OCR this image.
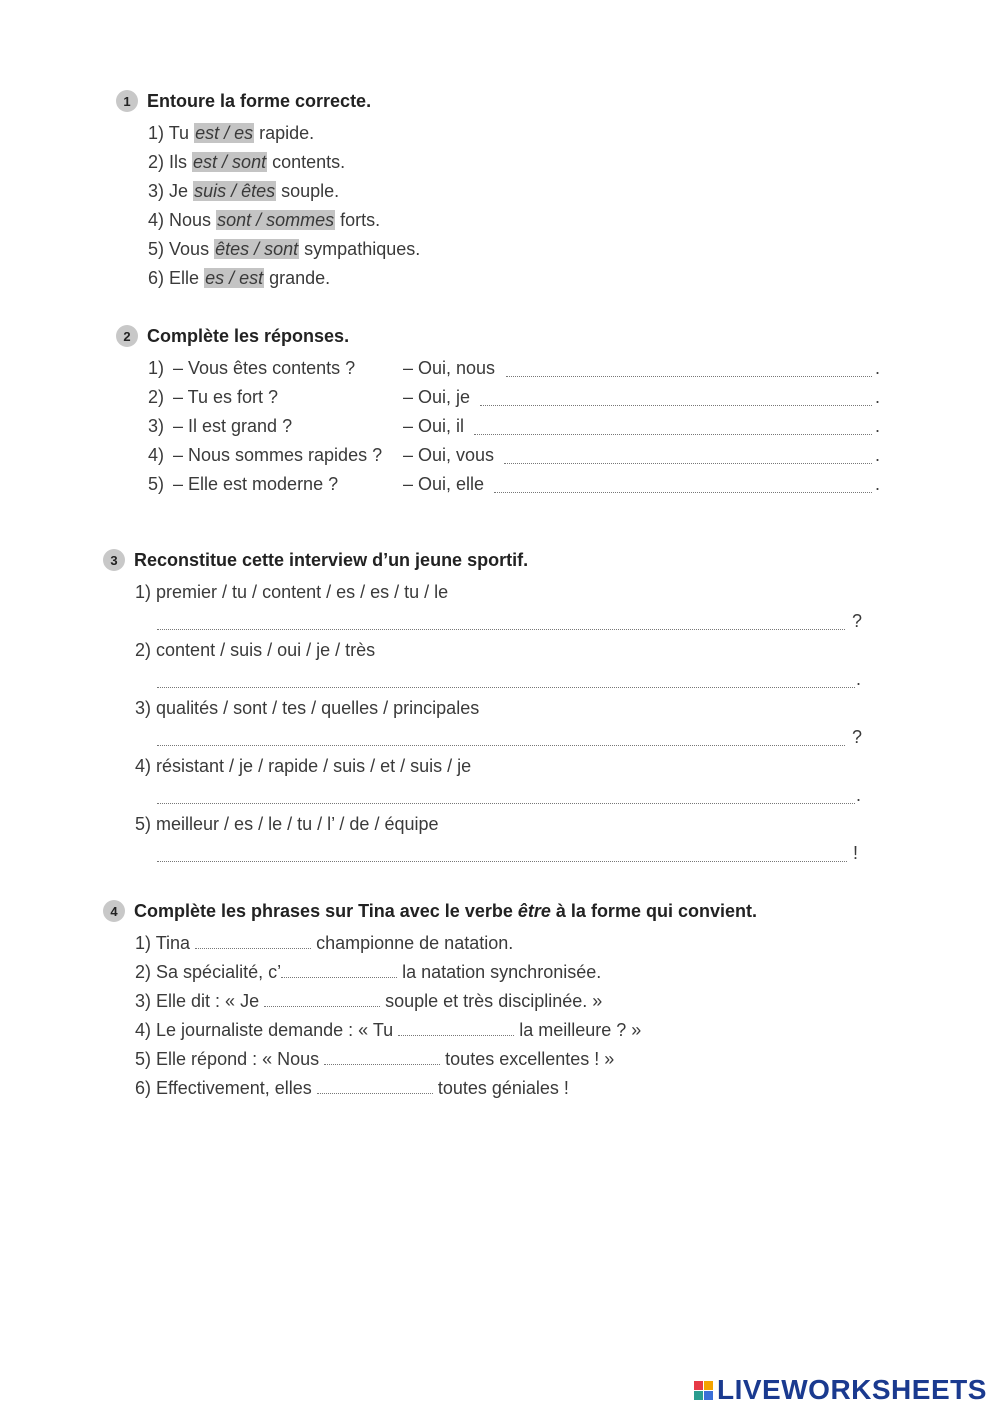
1 Entoure la forme correcte.
1) Tu est / es rapide.
2) Ils est / sont contents.
3) Je suis / êtes souple.
4) Nous sont / sommes forts.
5) Vous êtes / sont sympathiques.
6) Elle es / est grande.
2 Complète les réponses.
1) – Vous êtes contents ?	– Oui, nous	.
2) – Tu es fort ?	– Oui, je	.
3) – Il est grand ?	– Oui, il	.
4) – Nous sommes rapides ? – Oui, vous	.
5) – Elle est moderne ?	– Oui, elle	.
3 Reconstitue cette interview d’un jeune sportif.
1) premier / tu / content / es / es / tu / le
?
2) content / suis / oui / je / très
.
3) qualités / sont / tes / quelles / principales
?
4) résistant / je / rapide / suis / et / suis / je
.
5) meilleur / es / le / tu / l’ / de / équipe
!
4 Complète les phrases sur Tina avec le verbe être à la forme qui convient.
1) Tina	championne de natation.
2) Sa spécialité, c’	la natation synchronisée.
3) Elle dit : « Je	souple et très disciplinée. »
4) Le journaliste demande : « Tu	la meilleure ? »
5) Elle répond : « Nous	toutes excellentes ! »
6) Effectivement, elles	toutes géniales !
LIVEWORKSHEETS
